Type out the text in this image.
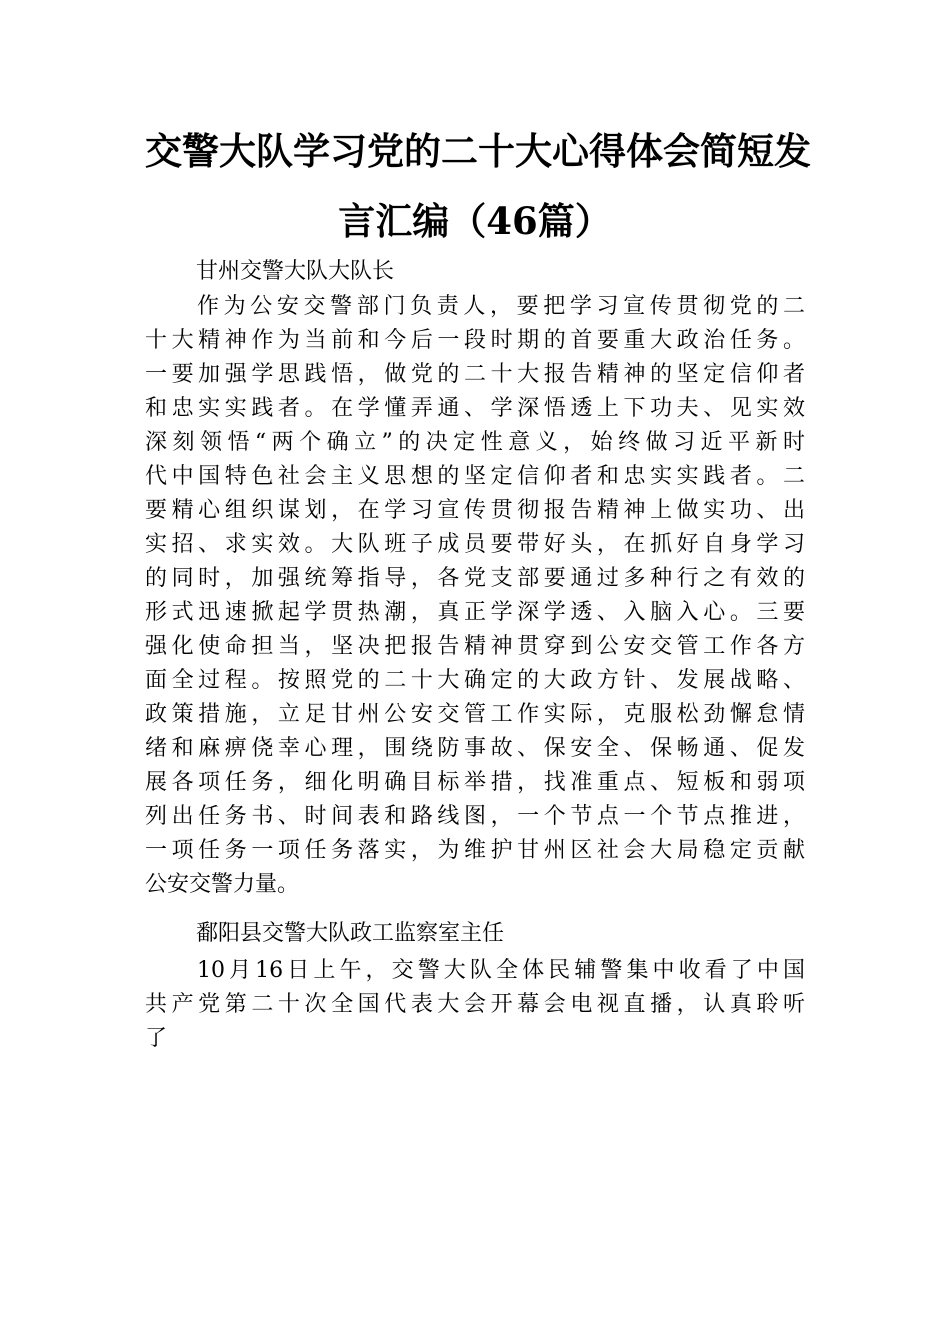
交警大队学习党的二十大心得体会简短发
言汇编（46篇）
甘州交警大队大队长
作为公安交警部门负责人，要把学习宣传贯彻党的二
十大精神作为当前和今后一段时期的首要重大政治任务。
一要加强学思践悟，做党的二十大报告精神的坚定信仰者
和忠实实践者。在学懂弄通、学深悟透上下功夫、见实效
深刻领悟“两个确立”的决定性意义，始终做习近平新时
代中国特色社会主义思想的坚定信仰者和忠实实践者。二
要精心组织谋划，在学习宣传贯彻报告精神上做实功、出
实招、求实效。大队班子成员要带好头，在抓好自身学习
的同时，加强统筹指导，各党支部要通过多种行之有效的
形式迅速掀起学贯热潮，真正学深学透、入脑入心。三要
强化使命担当，坚决把报告精神贯穿到公安交管工作各方
面全过程。按照党的二十大确定的大政方针、发展战略、
政策措施，立足甘州公安交管工作实际，克服松劲懈怠情
绪和麻痹侥幸心理，围绕防事故、保安全、保畅通、促发
展各项任务，细化明确目标举措，找准重点、短板和弱项
列出任务书、时间表和路线图，一个节点一个节点推进，
一项任务一项任务落实，为维护甘州区社会大局稳定贡献
公安交警力量。
鄱阳县交警大队政工监察室主任
10月16日上午，交警大队全体民辅警集中收看了中国
共产党第二十次全国代表大会开幕会电视直播，认真聆听
了
